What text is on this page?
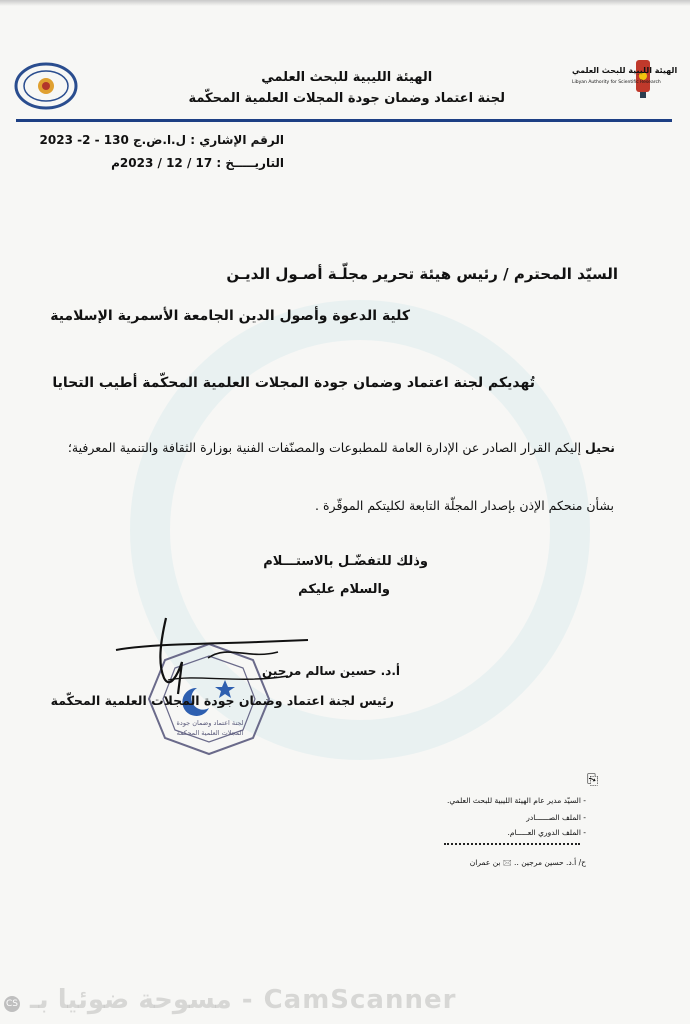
الهيئة الليبية للبحث العلمي
Libyan Authority for Scientific Research
الهيئة الليبية للبحث العلمي
لجنة اعتماد وضمان جودة المجلات العلمية المحكّمة
الرقم الإشاري : ل.ا.ض.ج 130 - 2- 2023
التاريـــــخ : 17 / 12 / 2023م
السيّد المحترم / رئيس هيئة تحرير مجلّـة أصـول الديـن
كلية الدعوة وأصول الدين الجامعة الأسمرية الإسلامية
تُهديكم لجنة اعتماد وضمان جودة المجلات العلمية المحكّمة أطيب التحايا
نحيل إليكم القرار الصادر عن الإدارة العامة للمطبوعات والمصنّفات الفنية بوزارة الثقافة والتنمية المعرفية؛
بشأن منحكم الإذن بإصدار المجلّة التابعة لكليتكم الموقّرة .
وذلك للتفضّـل بالاستـــلام
والسلام عليكم
لجنة اعتماد وضمان جودة المجلات العلمية المحكمة
أ.د. حسين سالم مرجين
رئيس لجنة اعتماد وضمان جودة المجلات العلمية المحكّمة
⎘
- السيّد مدير عام الهيئة الليبية للبحث العلمي.
- الملف الصــــــادر
- الملف الدوري العـــــام.
ح/ أ.د. حسين مرجين .. 🖂 بن عمران
CS CamScanner - مسوحة ضوئيا بـ
